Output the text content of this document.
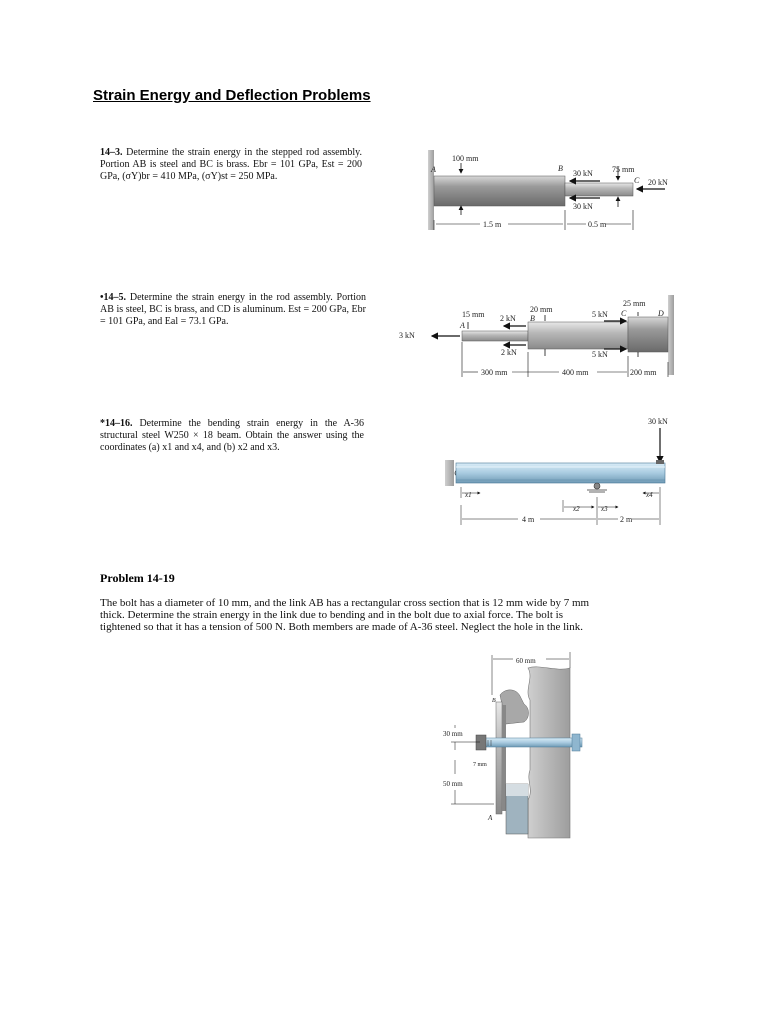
Strain Energy and Deflection Problems

14–3. Determine the strain energy in the stepped rod assembly. Portion AB is steel and BC is brass. Ebr = 101 GPa, Est = 200 GPa, (σY)br = 410 MPa, (σY)st = 250 MPa.

•14–5. Determine the strain energy in the rod assembly. Portion AB is steel, BC is brass, and CD is aluminum. Est = 200 GPa, Ebr = 101 GPa, and Eal = 73.1 GPa.

*14–16. Determine the bending strain energy in the A-36 structural steel W250 × 18 beam. Obtain the answer using the coordinates (a) x1 and x4, and (b) x2 and x3.

Problem 14-19

The bolt has a diameter of 10 mm, and the link AB has a rectangular cross section that is 12 mm wide by 7 mm thick. Determine the strain energy in the link due to bending and in the bolt due to axial force. The bolt is tightened so that it has a tension of 500 N. Both members are made of A-36 steel. Neglect the hole in the link.

100 mm
75 mm
A	B
C
30 kN
30 kN
20 kN
1.5 m	0.5 m
3 kN
15 mm
20 mm
25 mm
A
B
C	D
2 kN
2 kN
5 kN
5 kN
300 mm	400 mm	200 mm
30 kN
x1
x2	x3
x4
4 m	2 m
60 mm
30 mm
7 mm
50 mm
A
B
